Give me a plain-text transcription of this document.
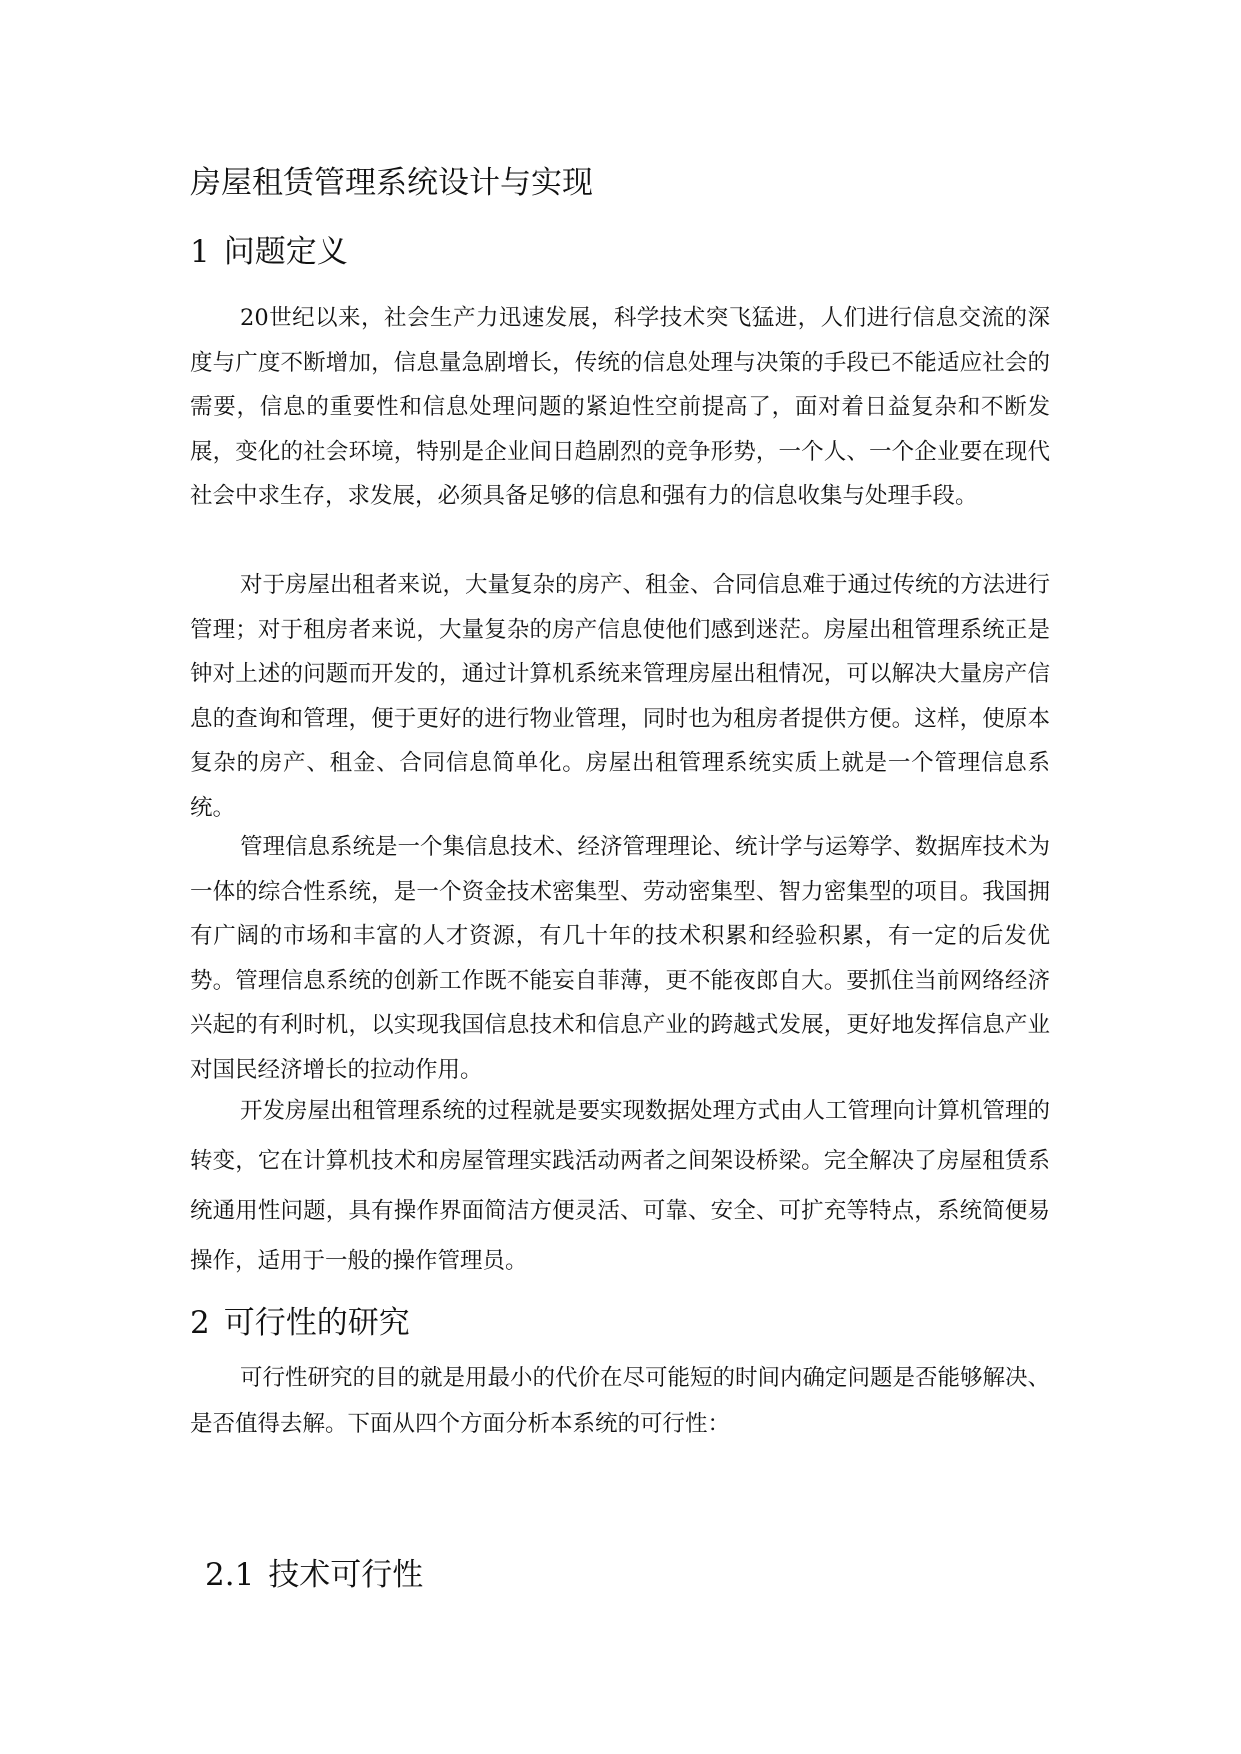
房屋租赁管理系统设计与实现
1 问题定义

20世纪以来，社会生产力迅速发展，科学技术突飞猛进，人们进行信息交流的深度与广度不断增加，信息量急剧增长，传统的信息处理与决策的手段已不能适应社会的需要，信息的重要性和信息处理问题的紧迫性空前提高了，面对着日益复杂和不断发展，变化的社会环境，特别是企业间日趋剧烈的竞争形势，一个人、一个企业要在现代社会中求生存，求发展，必须具备足够的信息和强有力的信息收集与处理手段。

对于房屋出租者来说，大量复杂的房产、租金、合同信息难于通过传统的方法进行管理；对于租房者来说，大量复杂的房产信息使他们感到迷茫。房屋出租管理系统正是钟对上述的问题而开发的，通过计算机系统来管理房屋出租情况，可以解决大量房产信息的查询和管理，便于更好的进行物业管理，同时也为租房者提供方便。这样，使原本复杂的房产、租金、合同信息简单化。房屋出租管理系统实质上就是一个管理信息系统。

管理信息系统是一个集信息技术、经济管理理论、统计学与运筹学、数据库技术为一体的综合性系统，是一个资金技术密集型、劳动密集型、智力密集型的项目。我国拥有广阔的市场和丰富的人才资源，有几十年的技术积累和经验积累，有一定的后发优势。管理信息系统的创新工作既不能妄自菲薄，更不能夜郎自大。要抓住当前网络经济兴起的有利时机，以实现我国信息技术和信息产业的跨越式发展，更好地发挥信息产业对国民经济增长的拉动作用。

开发房屋出租管理系统的过程就是要实现数据处理方式由人工管理向计算机管理的转变，它在计算机技术和房屋管理实践活动两者之间架设桥梁。完全解决了房屋租赁系统通用性问题，具有操作界面简洁方便灵活、可靠、安全、可扩充等特点，系统简便易操作，适用于一般的操作管理员。

2 可行性的研究

可行性研究的目的就是用最小的代价在尽可能短的时间内确定问题是否能够解决、是否值得去解。下面从四个方面分析本系统的可行性：

2.1 技术可行性
